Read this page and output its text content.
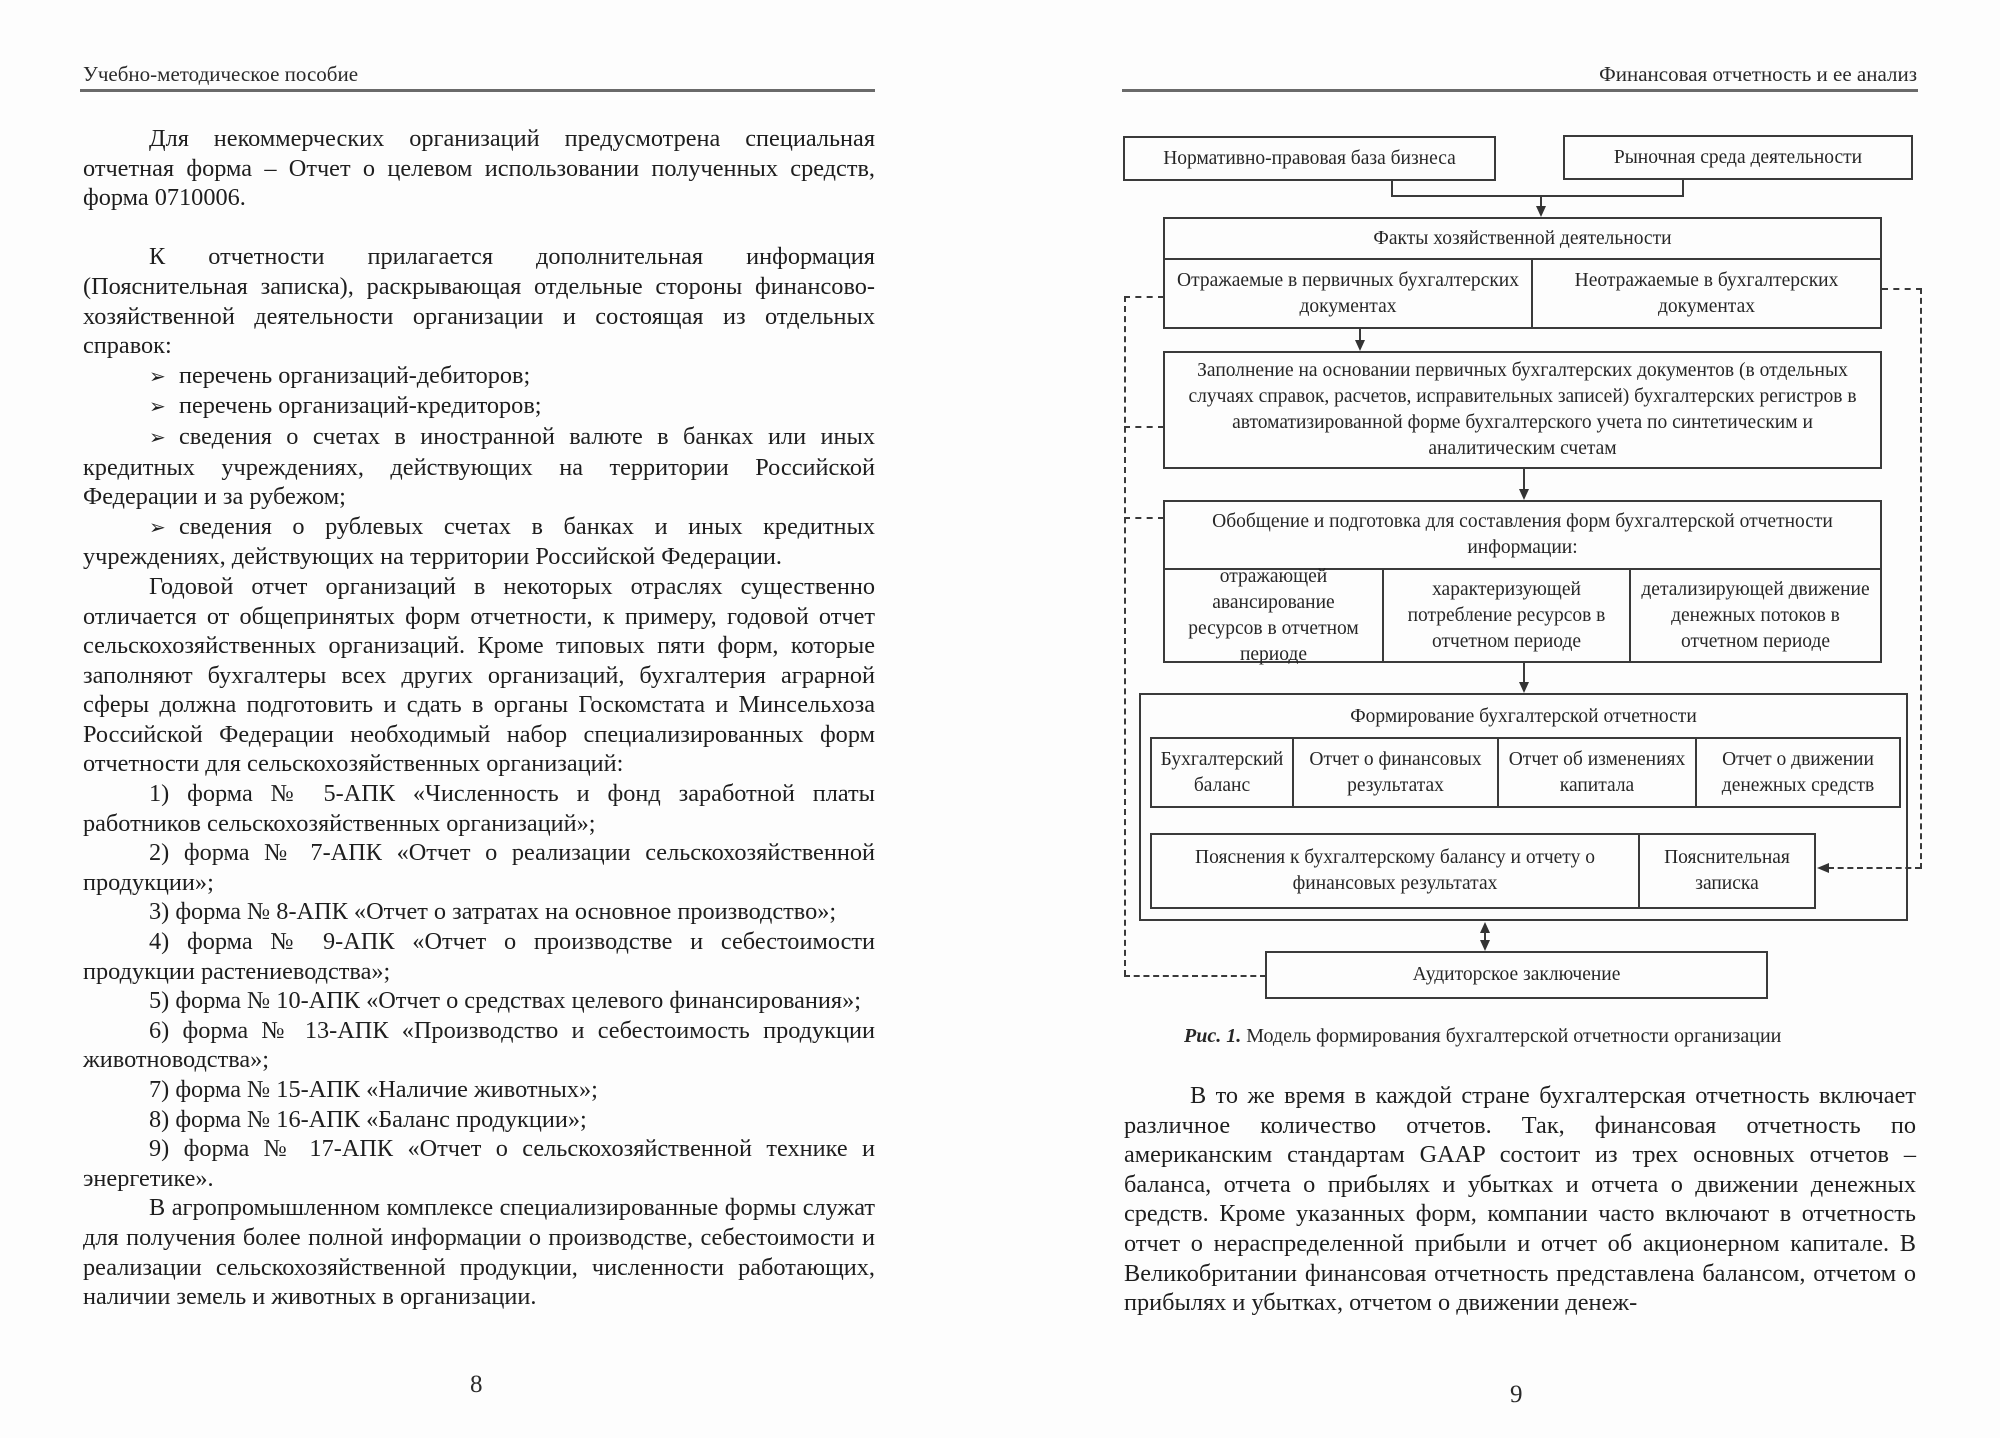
Учебно-методическое пособие

Для некоммерческих организаций предусмотрена специальная отчетная форма – Отчет о целевом использовании полученных средств, форма 0710006.

К отчетности прилагается дополнительная информация (Пояснительная записка), раскрывающая отдельные стороны финансово-хозяйственной деятельности организации и состоящая из отдельных справок:

➢ перечень организаций-дебиторов;

➢ перечень организаций-кредиторов;

➢ сведения о счетах в иностранной валюте в банках или иных кредитных учреждениях, действующих на территории Российской Федерации и за рубежом;

➢ сведения о рублевых счетах в банках и иных кредитных учреждениях, действующих на территории Российской Федерации.

Годовой отчет организаций в некоторых отраслях существенно отличается от общепринятых форм отчетности, к примеру, годовой отчет сельскохозяйственных организаций. Кроме типовых пяти форм, которые заполняют бухгалтеры всех других организаций, бухгалтерия аграрной сферы должна подготовить и сдать в органы Госкомстата и Минсельхоза Российской Федерации необходимый набор специализированных форм отчетности для сельскохозяйственных организаций:

1) форма № 5-АПК «Численность и фонд заработной платы работников сельскохозяйственных организаций»;

2) форма № 7-АПК «Отчет о реализации сельскохозяйственной продукции»;

3) форма № 8-АПК «Отчет о затратах на основное производство»;

4) форма № 9-АПК «Отчет о производстве и себестоимости продукции растениеводства»;

5) форма № 10-АПК «Отчет о средствах целевого финансирования»;

6) форма № 13-АПК «Производство и себестоимость продукции животноводства»;

7) форма № 15-АПК «Наличие животных»;

8) форма № 16-АПК «Баланс продукции»;

9) форма № 17-АПК «Отчет о сельскохозяйственной технике и энергетике».

В агропромышленном комплексе специализированные формы служат для получения более полной информации о производстве, себестоимости и реализации сельскохозяйственной продукции, численности работающих, наличии земель и животных в организации.

8
Финансовая отчетность и ее анализ
Нормативно-правовая база бизнеса	Рыночная среда деятельности
Факты хозяйственной деятельности
Отражаемые в первичных бухгалтерских документах
Неотражаемые в бухгалтерских документах
Заполнение на основании первичных бухгалтерских документов (в отдельных случаях справок, расчетов, исправительных записей) бухгалтерских регистров в автоматизированной форме бухгалтерского учета по синтетическим и аналитическим счетам
Обобщение и подготовка для составления форм бухгалтерской отчетности информации:
отражающей авансирование ресурсов в отчетном периоде
характеризующей потребление ресурсов в отчетном периоде
детализирующей движение денежных потоков в отчетном периоде
Формирование бухгалтерской отчетности
Бухгалтерский баланс
Отчет о финансовых результатах
Отчет об изменениях капитала
Отчет о движении денежных средств
Пояснения к бухгалтерскому балансу и отчету о финансовых результатах
Пояснительная записка
Аудиторское заключение
Рис. 1. Модель формирования бухгалтерской отчетности организации

В то же время в каждой стране бухгалтерская отчетность включает различное количество отчетов. Так, финансовая отчетность по американским стандартам GAAP состоит из трех основных отчетов – баланса, отчета о прибылях и убытках и отчета о движении денежных средств. Кроме указанных форм, компании часто включают в отчетность отчет о нераспределенной прибыли и отчет об акционерном капитале. В Великобритании финансовая отчетность представлена балансом, отчетом о прибылях и убытках, отчетом о движении денеж-

9
